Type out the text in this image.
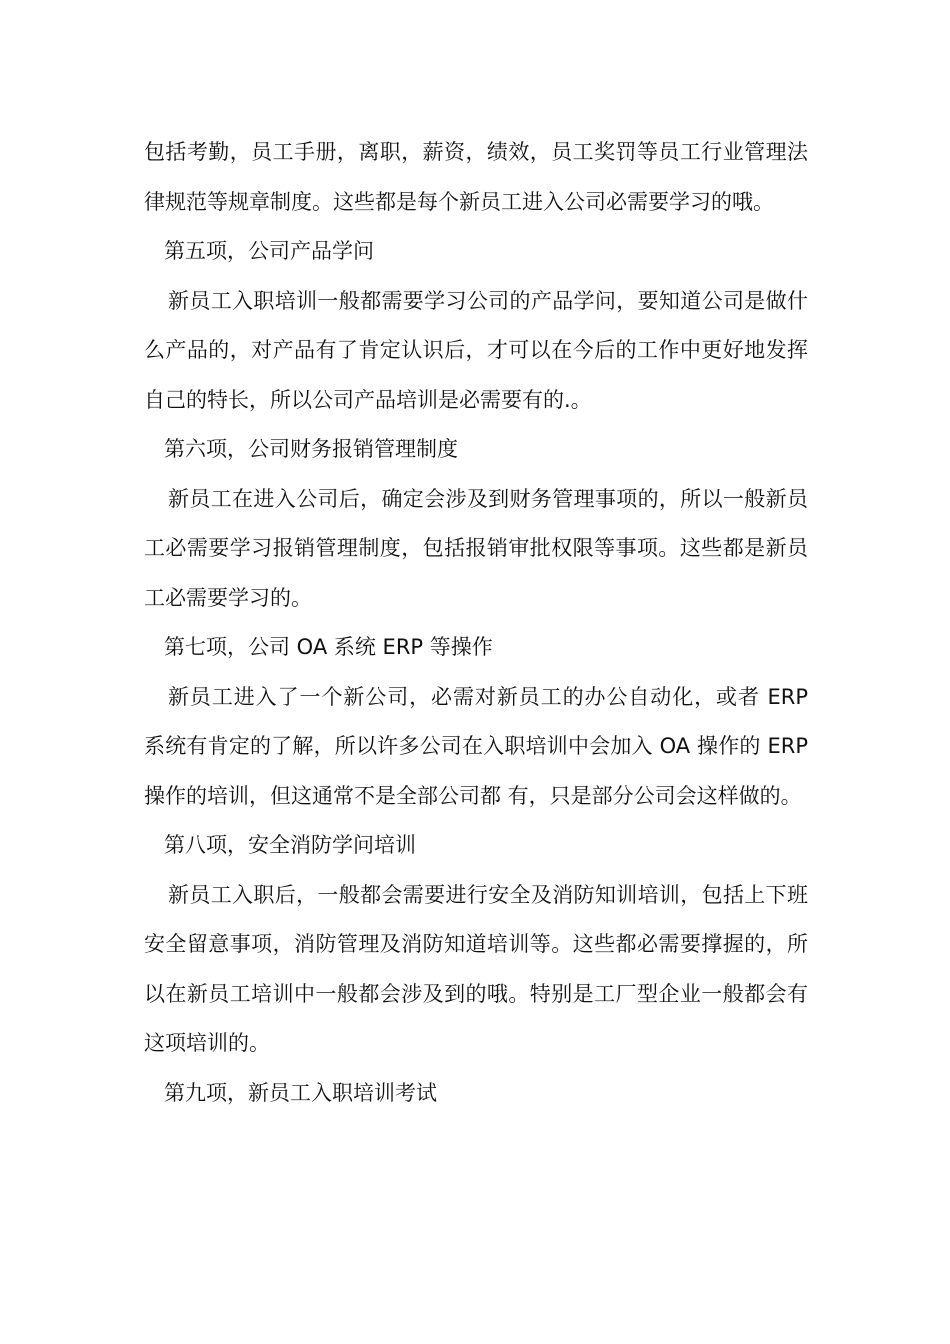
包括考勤，员工手册，离职，薪资，绩效，员工奖罚等员工行业管理法律规范等规章制度。这些都是每个新员工进入公司必需要学习的哦。

第五项，公司产品学问

新员工入职培训一般都需要学习公司的产品学问，要知道公司是做什么产品的，对产品有了肯定认识后，才可以在今后的工作中更好地发挥自己的特长，所以公司产品培训是必需要有的.。

第六项，公司财务报销管理制度

新员工在进入公司后，确定会涉及到财务管理事项的，所以一般新员工必需要学习报销管理制度，包括报销审批权限等事项。这些都是新员工必需要学习的。

第七项，公司 OA 系统 ERP 等操作

新员工进入了一个新公司，必需对新员工的办公自动化，或者 ERP 系统有肯定的了解，所以许多公司在入职培训中会加入 OA 操作的 ERP 操作的培训，但这通常不是全部公司都 有，只是部分公司会这样做的。

第八项，安全消防学问培训

新员工入职后，一般都会需要进行安全及消防知训培训，包括上下班安全留意事项，消防管理及消防知道培训等。这些都必需要撑握的，所以在新员工培训中一般都会涉及到的哦。特别是工厂型企业一般都会有这项培训的。

第九项，新员工入职培训考试
